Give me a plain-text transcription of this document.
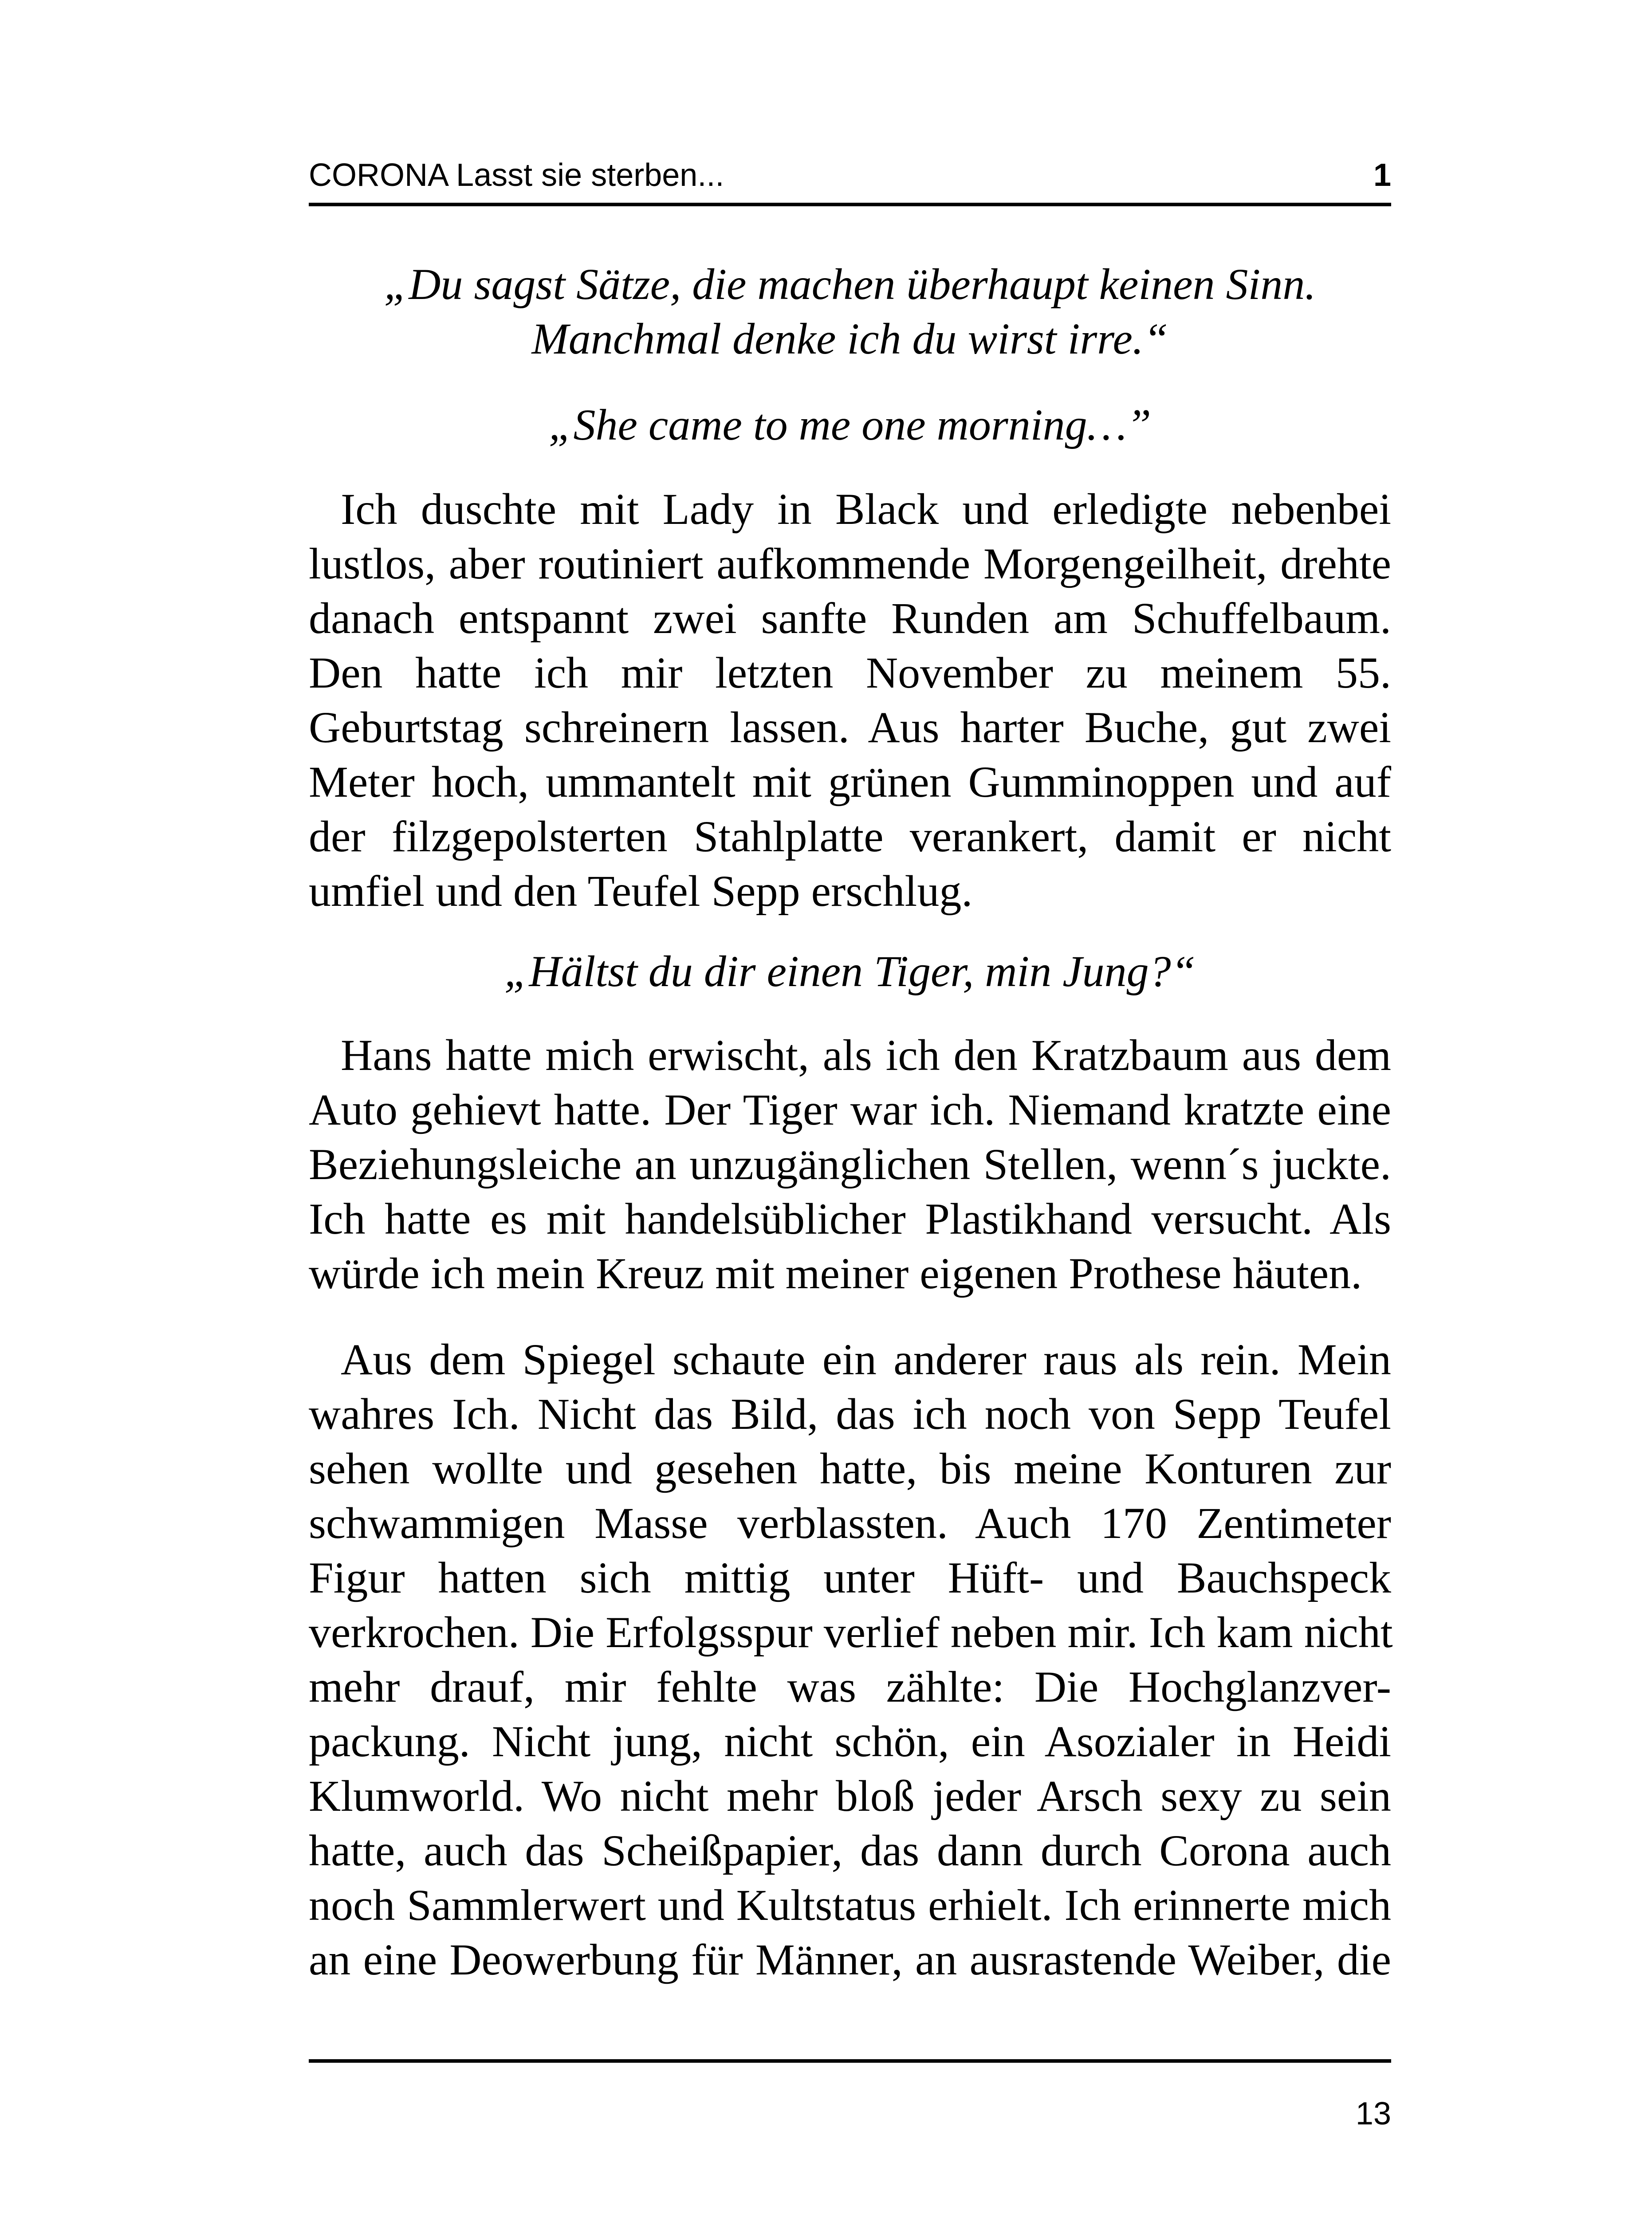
CORONA Lasst sie sterben...	1
„Du sagst Sätze, die machen überhaupt keinen Sinn.
Manchmal denke ich du wirst irre.“
„She came to me one morning…”
Ich duschte mit Lady in Black und erledigte nebenbei
lustlos, aber routiniert aufkommende Morgengeilheit, drehte
danach entspannt zwei sanfte Runden am Schuffelbaum.
Den hatte ich mir letzten November zu meinem 55.
Geburtstag schreinern lassen. Aus harter Buche, gut zwei
Meter hoch, ummantelt mit grünen Gumminoppen und auf
der filzgepolsterten Stahlplatte verankert, damit er nicht
umfiel und den Teufel Sepp erschlug.
„Hältst du dir einen Tiger, min Jung?“
Hans hatte mich erwischt, als ich den Kratzbaum aus dem
Auto gehievt hatte. Der Tiger war ich. Niemand kratzte eine
Beziehungsleiche an unzugänglichen Stellen, wenn´s juckte.
Ich hatte es mit handelsüblicher Plastikhand versucht. Als
würde ich mein Kreuz mit meiner eigenen Prothese häuten.
Aus dem Spiegel schaute ein anderer raus als rein. Mein
wahres Ich. Nicht das Bild, das ich noch von Sepp Teufel
sehen wollte und gesehen hatte, bis meine Konturen zur
schwammigen Masse verblassten. Auch 170 Zentimeter
Figur hatten sich mittig unter Hüft- und Bauchspeck
verkrochen. Die Erfolgsspur verlief neben mir. Ich kam nicht
mehr drauf, mir fehlte was zählte: Die Hochglanzver-
packung. Nicht jung, nicht schön, ein Asozialer in Heidi
Klumworld. Wo nicht mehr bloß jeder Arsch sexy zu sein
hatte, auch das Scheißpapier, das dann durch Corona auch
noch Sammlerwert und Kultstatus erhielt. Ich erinnerte mich
an eine Deowerbung für Männer, an ausrastende Weiber, die
13
